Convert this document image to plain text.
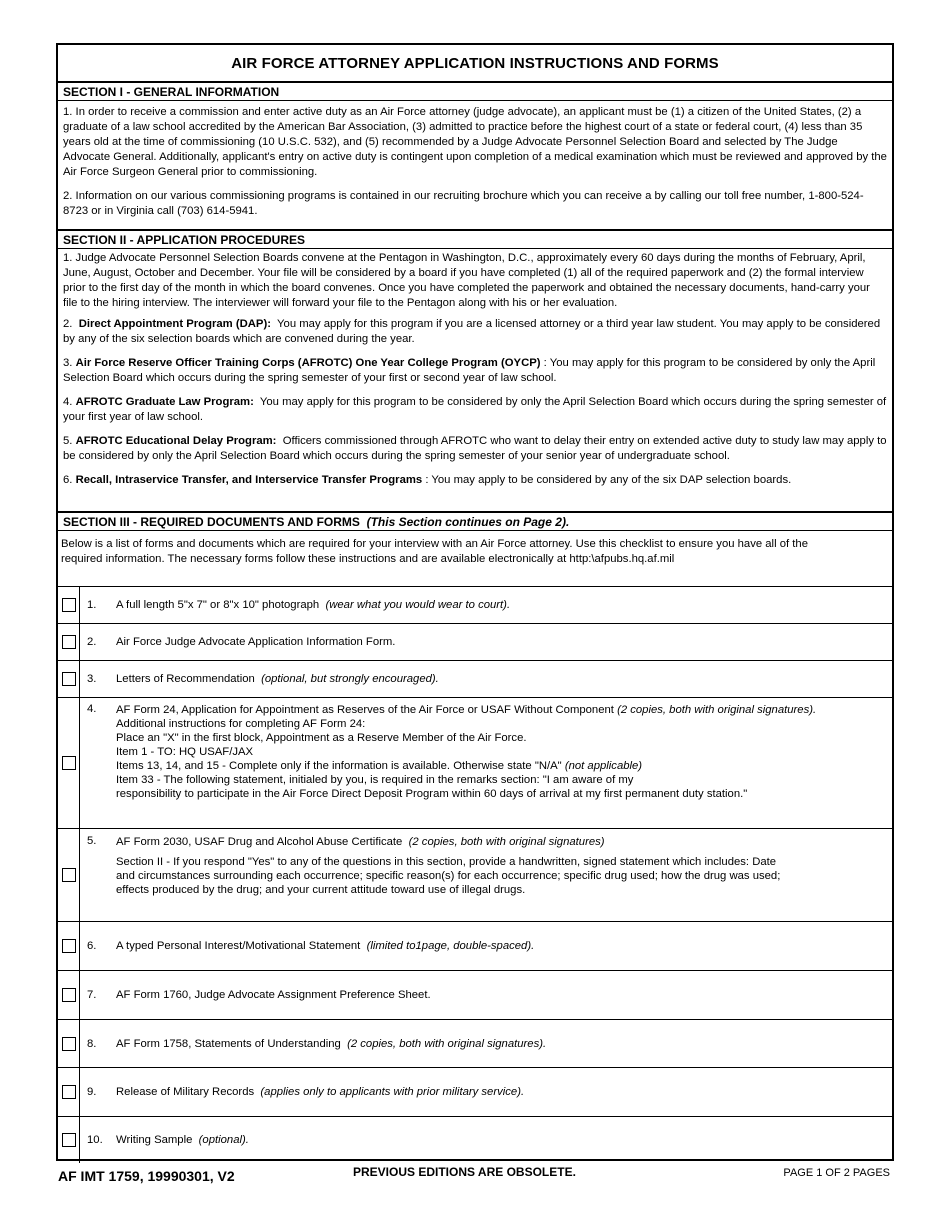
AIR FORCE ATTORNEY APPLICATION INSTRUCTIONS AND FORMS
SECTION I - GENERAL INFORMATION
1. In order to receive a commission and enter active duty as an Air Force attorney (judge advocate), an applicant must be (1) a citizen of the United States, (2) a graduate of a law school accredited by the American Bar Association, (3) admitted to practice before the highest court of a state or federal court, (4) less than 35 years old at the time of commissioning (10 U.S.C. 532), and (5) recommended by a Judge Advocate Personnel Selection Board and selected by The Judge Advocate General. Additionally, applicant's entry on active duty is contingent upon completion of a medical examination which must be reviewed and approved by the Air Force Surgeon General prior to commissioning.
2. Information on our various commissioning programs is contained in our recruiting brochure which you can receive a by calling our toll free number, 1-800-524-8723 or in Virginia call (703) 614-5941.
SECTION II - APPLICATION PROCEDURES
1. Judge Advocate Personnel Selection Boards convene at the Pentagon in Washington, D.C., approximately every 60 days during the months of February, April, June, August, October and December. Your file will be considered by a board if you have completed (1) all of the required paperwork and (2) the formal interview prior to the first day of the month in which the board convenes. Once you have completed the paperwork and obtained the necessary documents, hand-carry your file to the hiring interview. The interviewer will forward your file to the Pentagon along with his or her evaluation.
2. Direct Appointment Program (DAP): You may apply for this program if you are a licensed attorney or a third year law student. You may apply to be considered by any of the six selection boards which are convened during the year.
3. Air Force Reserve Officer Training Corps (AFROTC) One Year College Program (OYCP) : You may apply for this program to be considered by only the April Selection Board which occurs during the spring semester of your first or second year of law school.
4. AFROTC Graduate Law Program: You may apply for this program to be considered by only the April Selection Board which occurs during the spring semester of your first year of law school.
5. AFROTC Educational Delay Program: Officers commissioned through AFROTC who want to delay their entry on extended active duty to study law may apply to be considered by only the April Selection Board which occurs during the spring semester of your senior year of undergraduate school.
6. Recall, Intraservice Transfer, and Interservice Transfer Programs : You may apply to be considered by any of the six DAP selection boards.
SECTION III - REQUIRED DOCUMENTS AND FORMS (This Section continues on Page 2).
Below is a list of forms and documents which are required for your interview with an Air Force attorney. Use this checklist to ensure you have all of the required information. The necessary forms follow these instructions and are available electronically at http:\afpubs.hq.af.mil
1.	A full length 5"x 7" or 8"x 10" photograph (wear what you would wear to court).
2.	Air Force Judge Advocate Application Information Form.
3.	Letters of Recommendation (optional, but strongly encouraged).
4.	AF Form 24, Application for Appointment as Reserves of the Air Force or USAF Without Component (2 copies, both with original signatures).
Additional instructions for completing AF Form 24:
Place an "X" in the first block, Appointment as a Reserve Member of the Air Force.
Item 1 - TO: HQ USAF/JAX
Items 13, 14, and 15 - Complete only if the information is available. Otherwise state "N/A" (not applicable)
Item 33 - The following statement, initialed by you, is required in the remarks section: "I am aware of my
responsibility to participate in the Air Force Direct Deposit Program within 60 days of arrival at my first permanent duty station."
5.	AF Form 2030, USAF Drug and Alcohol Abuse Certificate (2 copies, both with original signatures)
Section II - If you respond "Yes" to any of the questions in this section, provide a handwritten, signed statement which includes: Date and circumstances surrounding each occurrence; specific reason(s) for each occurrence; specific drug used; how the drug was used; effects produced by the drug; and your current attitude toward use of illegal drugs.
6.	A typed Personal Interest/Motivational Statement (limited to1page, double-spaced).
7.	AF Form 1760, Judge Advocate Assignment Preference Sheet.
8.	AF Form 1758, Statements of Understanding (2 copies, both with original signatures).
9.	Release of Military Records (applies only to applicants with prior military service).
10.	Writing Sample (optional).
AF IMT 1759, 19990301, V2	PREVIOUS EDITIONS ARE OBSOLETE.	PAGE 1 OF 2 PAGES
